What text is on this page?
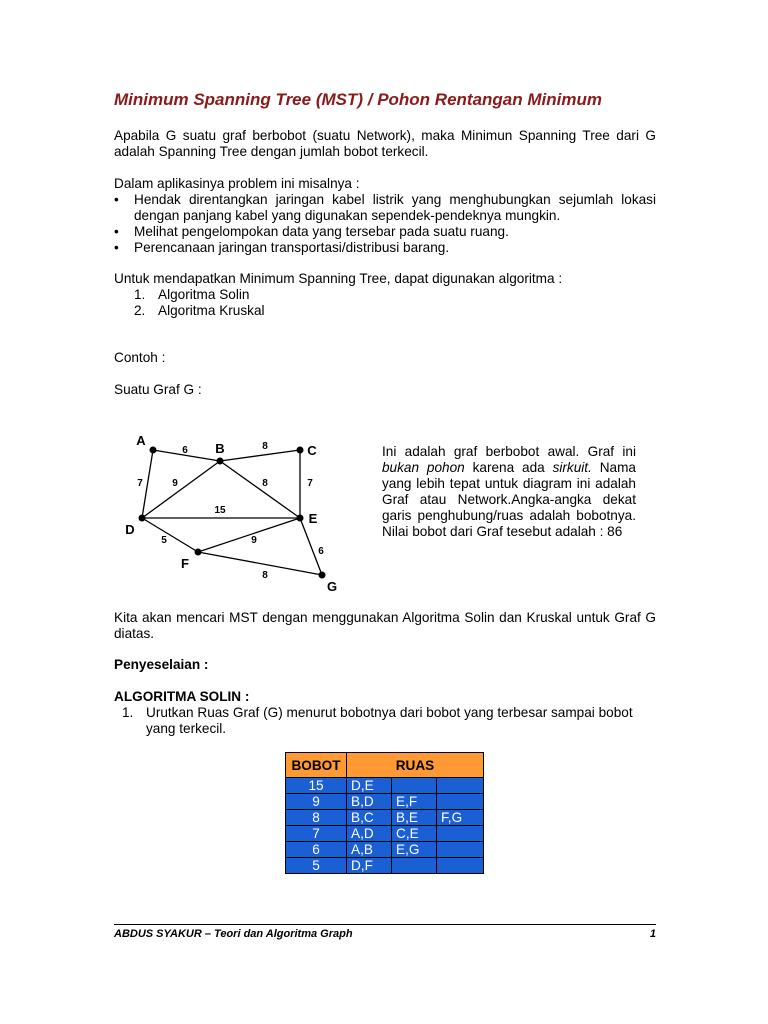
Minimum Spanning Tree (MST) / Pohon Rentangan Minimum
Apabila G suatu graf berbobot (suatu Network), maka Minimun Spanning Tree dari G adalah Spanning Tree dengan jumlah bobot terkecil.
Dalam aplikasinya problem ini misalnya :
• Hendak direntangkan jaringan kabel listrik yang menghubungkan sejumlah lokasi dengan panjang kabel yang digunakan sependek-pendeknya mungkin.
• Melihat pengelompokan data yang tersebar pada suatu ruang.
• Perencanaan jaringan transportasi/distribusi barang.
Untuk mendapatkan Minimum Spanning Tree, dapat digunakan algoritma :
1. Algoritma Solin
2. Algoritma Kruskal
Contoh :
Suatu Graf G :
6	8
7	9	8	7
15
5	9
6
8
A
B	C
D
E
F
G
Ini adalah graf berbobot awal. Graf ini bukan pohon karena ada sirkuit. Nama yang lebih tepat untuk diagram ini adalah Graf atau Network.Angka-angka dekat garis penghubung/ruas adalah bobotnya. Nilai bobot dari Graf tesebut adalah : 86
Kita akan mencari MST dengan menggunakan Algoritma Solin dan Kruskal untuk Graf G diatas.
Penyeselaian :
ALGORITMA SOLIN :
1. Urutkan Ruas Graf (G) menurut bobotnya dari bobot yang terbesar sampai bobot yang terkecil.
BOBOT	RUAS		
15	D,E		
9	B,D	E,F	
8	B,C	B,E	F,G
7	A,D	C,E	
6	A,B	E,G	
5	D,F		
ABDUS SYAKUR – Teori dan Algoritma Graph	1
